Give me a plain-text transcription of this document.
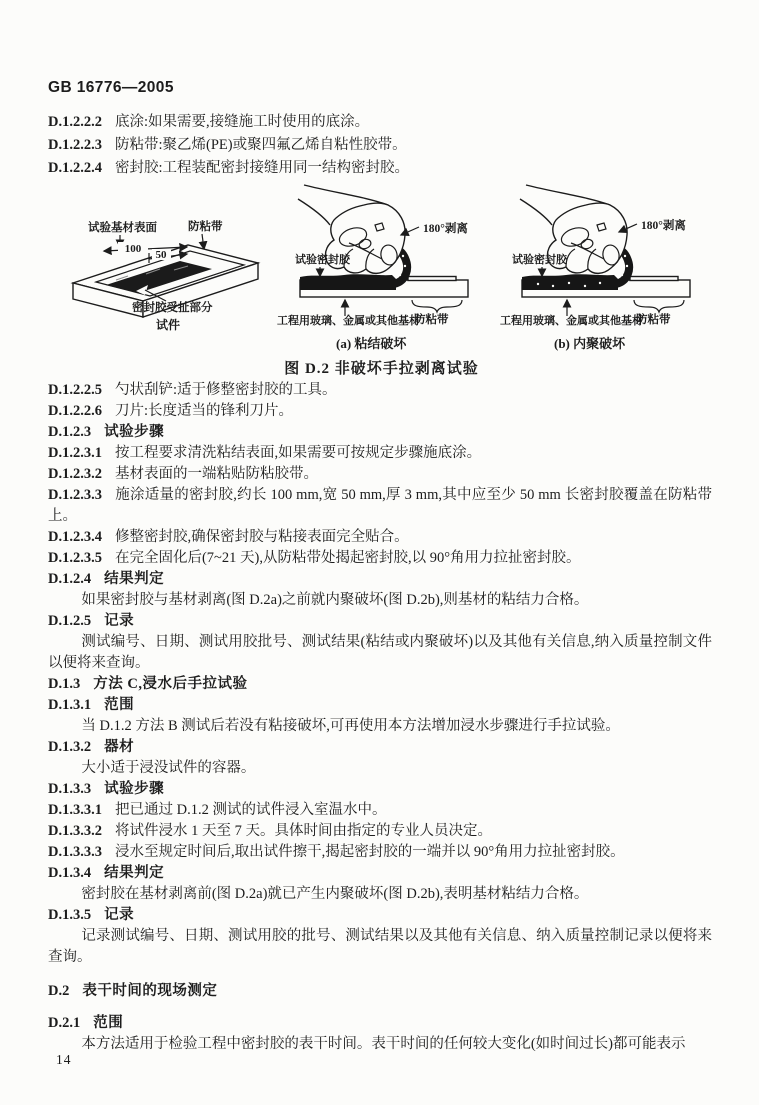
GB 16776—2005
D.1.2.2.2 底涂:如果需要,接缝施工时使用的底涂。
D.1.2.2.3 防粘带:聚乙烯(PE)或聚四氟乙烯自粘性胶带。
D.1.2.2.4 密封胶:工程装配密封接缝用同一结构密封胶。
试验基材表面	防粘带
100 50
密封胶受扯部分
试件
试验密封胶
180°剥离
工程用玻璃、金属或其他基材
防粘带
(a) 粘结破坏
试验密封胶
180°剥离
工程用玻璃、金属或其他基材
防粘带
(b) 内聚破坏
图 D.2 非破坏手拉剥离试验
D.1.2.2.5 勺状刮铲:适于修整密封胶的工具。
D.1.2.2.6 刀片:长度适当的锋利刀片。
D.1.2.3 试验步骤
D.1.2.3.1 按工程要求清洗粘结表面,如果需要可按规定步骤施底涂。
D.1.2.3.2 基材表面的一端粘贴防粘胶带。
D.1.2.3.3 施涂适量的密封胶,约长 100 mm,宽 50 mm,厚 3 mm,其中应至少 50 mm 长密封胶覆盖在防粘带上。
D.1.2.3.4 修整密封胶,确保密封胶与粘接表面完全贴合。
D.1.2.3.5 在完全固化后(7~21 天),从防粘带处揭起密封胶,以 90°角用力拉扯密封胶。
D.1.2.4 结果判定
如果密封胶与基材剥离(图 D.2a)之前就内聚破坏(图 D.2b),则基材的粘结力合格。
D.1.2.5 记录
测试编号、日期、测试用胶批号、测试结果(粘结或内聚破坏)以及其他有关信息,纳入质量控制文件以便将来查询。
D.1.3 方法 C,浸水后手拉试验
D.1.3.1 范围
当 D.1.2 方法 B 测试后若没有粘接破坏,可再使用本方法增加浸水步骤进行手拉试验。
D.1.3.2 器材
大小适于浸没试件的容器。
D.1.3.3 试验步骤
D.1.3.3.1 把已通过 D.1.2 测试的试件浸入室温水中。
D.1.3.3.2 将试件浸水 1 天至 7 天。具体时间由指定的专业人员决定。
D.1.3.3.3 浸水至规定时间后,取出试件擦干,揭起密封胶的一端并以 90°角用力拉扯密封胶。
D.1.3.4 结果判定
密封胶在基材剥离前(图 D.2a)就已产生内聚破坏(图 D.2b),表明基材粘结力合格。
D.1.3.5 记录
记录测试编号、日期、测试用胶的批号、测试结果以及其他有关信息、纳入质量控制记录以便将来查询。
D.2 表干时间的现场测定
D.2.1 范围
本方法适用于检验工程中密封胶的表干时间。表干时间的任何较大变化(如时间过长)都可能表示
14
